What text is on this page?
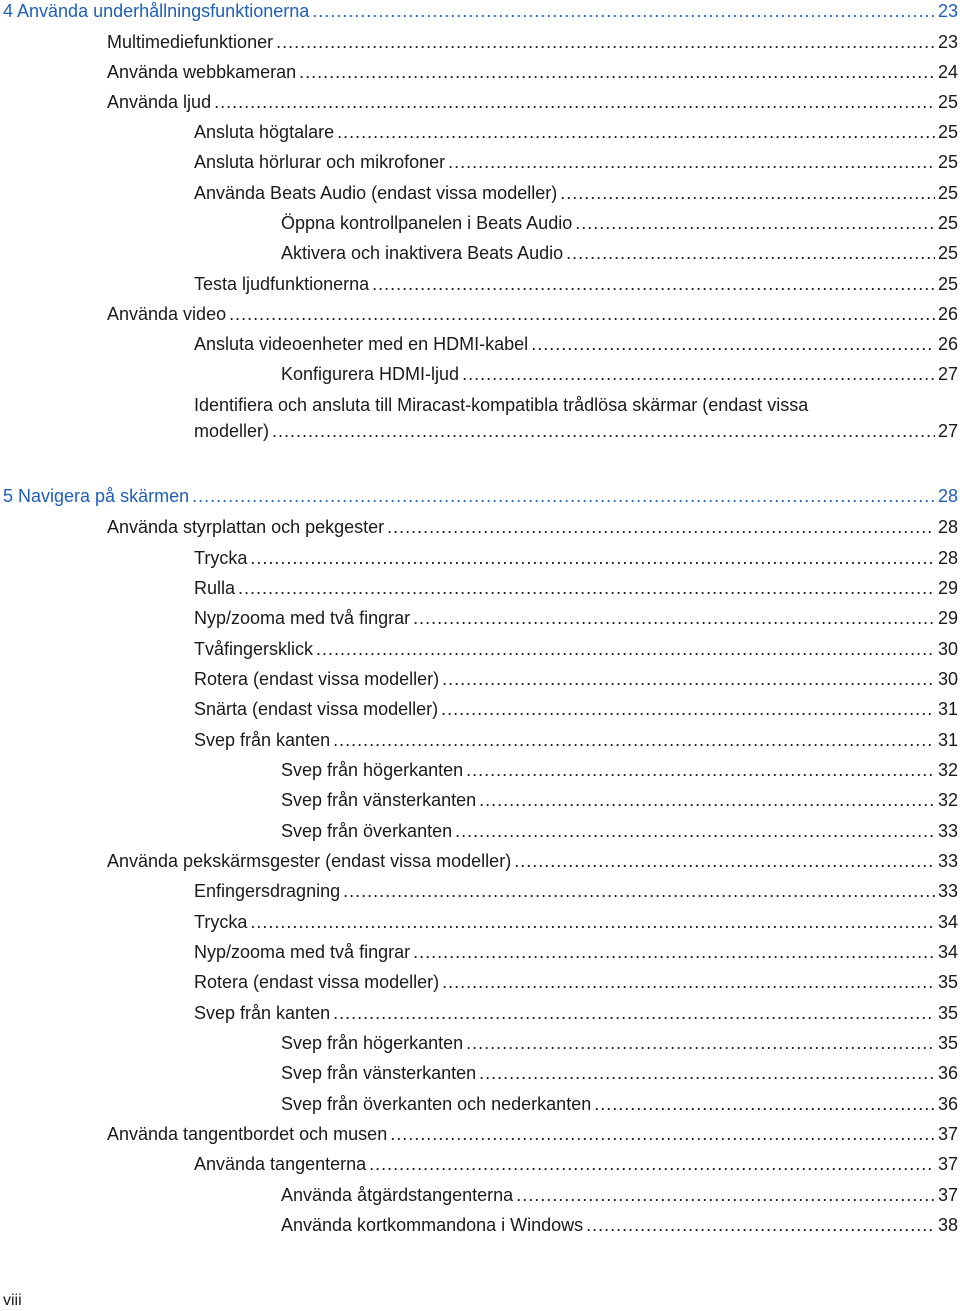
4 Använda underhållningsfunktionerna .....	23
Multimediefunktioner .....	23
Använda webbkameran .....	24
Använda ljud .....	25
Ansluta högtalare .....	25
Ansluta hörlurar och mikrofoner .....	25
Använda Beats Audio (endast vissa modeller) .....	25
Öppna kontrollpanelen i Beats Audio .....	25
Aktivera och inaktivera Beats Audio .....	25
Testa ljudfunktionerna .....	25
Använda video .....	26
Ansluta videoenheter med en HDMI-kabel .....	26
Konfigurera HDMI-ljud .....	27
Identifiera och ansluta till Miracast-kompatibla trådlösa skärmar (endast vissa
modeller) .....	27
5 Navigera på skärmen .....	28
Använda styrplattan och pekgester .....	28
Trycka .....	28
Rulla .....	29
Nyp/zooma med två fingrar .....	29
Tvåfingersklick .....	30
Rotera (endast vissa modeller) .....	30
Snärta (endast vissa modeller) .....	31
Svep från kanten .....	31
Svep från högerkanten .....	32
Svep från vänsterkanten .....	32
Svep från överkanten .....	33
Använda pekskärmsgester (endast vissa modeller) .....	33
Enfingersdragning .....	33
Trycka .....	34
Nyp/zooma med två fingrar .....	34
Rotera (endast vissa modeller) .....	35
Svep från kanten .....	35
Svep från högerkanten .....	35
Svep från vänsterkanten .....	36
Svep från överkanten och nederkanten .....	36
Använda tangentbordet och musen .....	37
Använda tangenterna .....	37
Använda åtgärdstangenterna .....	37
Använda kortkommandona i Windows .....	38
viii
